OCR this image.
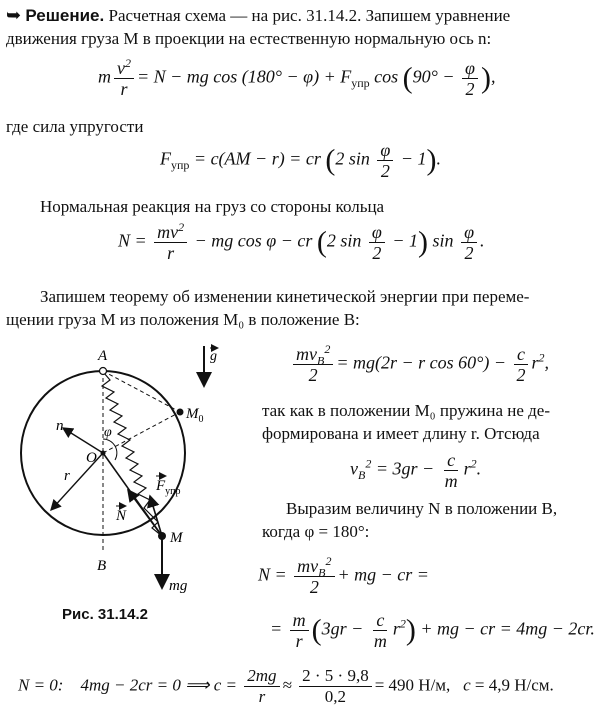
➥ Решение. Расчетная схема — на рис. 31.14.2. Запишем уравнение
движения груза M в проекции на естественную нормальную ось n:
m $\frac{v^2}{r} = N$ − mg $\cos (180^\circ - \varphi) + F_{упр}$ $\cos (90^\circ - \frac{\varphi}{2}$ ),
где сила упругости
$F_{упр} = c(AM - r)$ = cr (2 $\sin \frac{\varphi}{2} - 1$).
Нормальная реакция на груз со стороны кольца
$N = \frac{mv^2}{r}$ − mg cos φ − cr (2 $\sin \frac{\varphi}{2} - 1$) $\sin \frac{\varphi}{2}$ .
Запишем теорему об изменении кинетической энергии при переме-
щении груза M из положения M₀ в положение B:
A
B
M
$M_0$
O
n
r
φ
g
N
$F_{упр}$
mg
Рис. 31.14.2
$\frac{mv_B^2}{2} = mg(2r - r$ $\cos 60^\circ) - \frac{c}{2} r^2$,
так как в положении M₀ пружина не де-
формирована и имеет длину r. Отсюда
$v_B^2 = 3gr - \frac{c}{m} r^2$.
Выразим величину N в положении B,
когда φ = 180°:
$N = \frac{mv_B^2}{2}$ + mg − cr =
= $\frac{m}{r} (3gr - \frac{c}{m} r^2)$ + mg − cr = 4mg − 2cr.
N = 0:    4mg − 2cr = 0 ⟹ $c = \frac{2mg}{r} \approx \frac{2 \cdot 5 \cdot 9,8}{0,2} = 490$ Н/м,   c = 4,9 Н/см.
